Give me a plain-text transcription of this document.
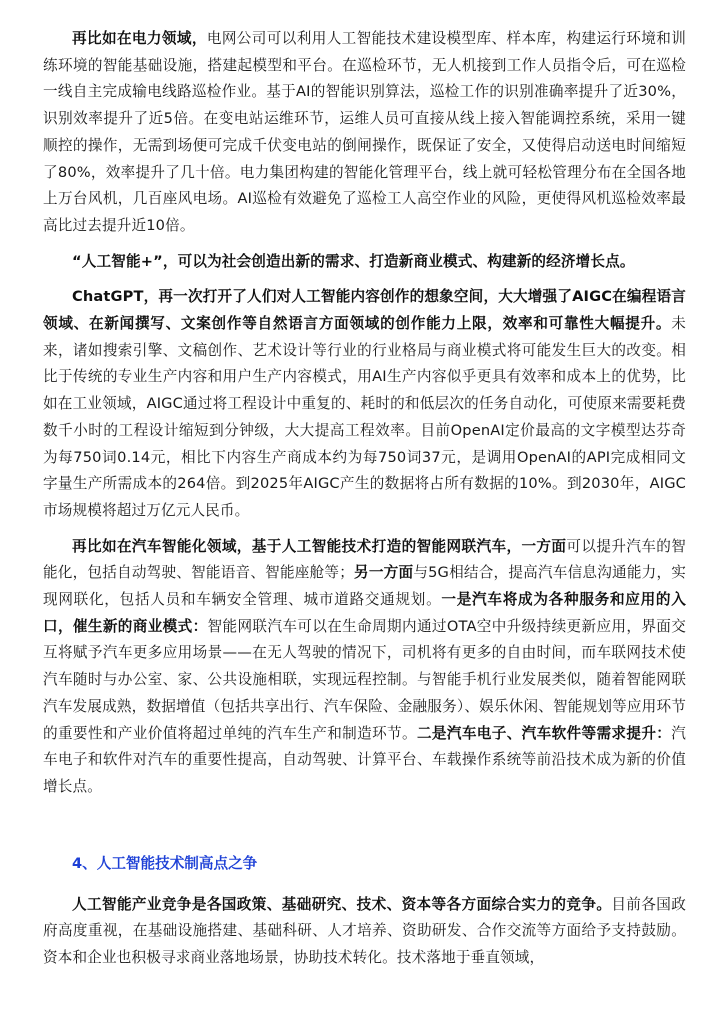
再比如在电力领域，电网公司可以利用人工智能技术建设模型库、样本库，构建运行环境和训练环境的智能基础设施，搭建起模型和平台。在巡检环节，无人机接到工作人员指令后，可在巡检一线自主完成输电线路巡检作业。基于AI的智能识别算法，巡检工作的识别准确率提升了近30%，识别效率提升了近5倍。在变电站运维环节，运维人员可直接从线上接入智能调控系统，采用一键顺控的操作，无需到场便可完成千伏变电站的倒闸操作，既保证了安全，又使得启动送电时间缩短了80%，效率提升了几十倍。电力集团构建的智能化管理平台，线上就可轻松管理分布在全国各地上万台风机，几百座风电场。AI巡检有效避免了巡检工人高空作业的风险，更使得风机巡检效率最高比过去提升近10倍。

“人工智能+”，可以为社会创造出新的需求、打造新商业模式、构建新的经济增长点。

ChatGPT，再一次打开了人们对人工智能内容创作的想象空间，大大增强了AIGC在编程语言领域、在新闻撰写、文案创作等自然语言方面领域的创作能力上限，效率和可靠性大幅提升。未来，诸如搜索引擎、文稿创作、艺术设计等行业的行业格局与商业模式将可能发生巨大的改变。相比于传统的专业生产内容和用户生产内容模式，用AI生产内容似乎更具有效率和成本上的优势，比如在工业领域，AIGC通过将工程设计中重复的、耗时的和低层次的任务自动化，可使原来需要耗费数千小时的工程设计缩短到分钟级，大大提高工程效率。目前OpenAI定价最高的文字模型达芬奇为每750词0.14元，相比下内容生产商成本约为每750词37元，是调用OpenAI的API完成相同文字量生产所需成本的264倍。到2025年AIGC产生的数据将占所有数据的10%。到2030年，AIGC市场规模将超过万亿元人民币。

再比如在汽车智能化领域，基于人工智能技术打造的智能网联汽车，一方面可以提升汽车的智能化，包括自动驾驶、智能语音、智能座舱等；另一方面与5G相结合，提高汽车信息沟通能力，实现网联化，包括人员和车辆安全管理、城市道路交通规划。一是汽车将成为各种服务和应用的入口，催生新的商业模式：智能网联汽车可以在生命周期内通过OTA空中升级持续更新应用，界面交互将赋予汽车更多应用场景——在无人驾驶的情况下，司机将有更多的自由时间，而车联网技术使汽车随时与办公室、家、公共设施相联，实现远程控制。与智能手机行业发展类似，随着智能网联汽车发展成熟，数据增值（包括共享出行、汽车保险、金融服务）、娱乐休闲、智能规划等应用环节的重要性和产业价值将超过单纯的汽车生产和制造环节。二是汽车电子、汽车软件等需求提升：汽车电子和软件对汽车的重要性提高，自动驾驶、计算平台、车载操作系统等前沿技术成为新的价值增长点。

4、人工智能技术制高点之争

人工智能产业竞争是各国政策、基础研究、技术、资本等各方面综合实力的竞争。目前各国政府高度重视，在基础设施搭建、基础科研、人才培养、资助研发、合作交流等方面给予支持鼓励。资本和企业也积极寻求商业落地场景，协助技术转化。技术落地于垂直领域，
